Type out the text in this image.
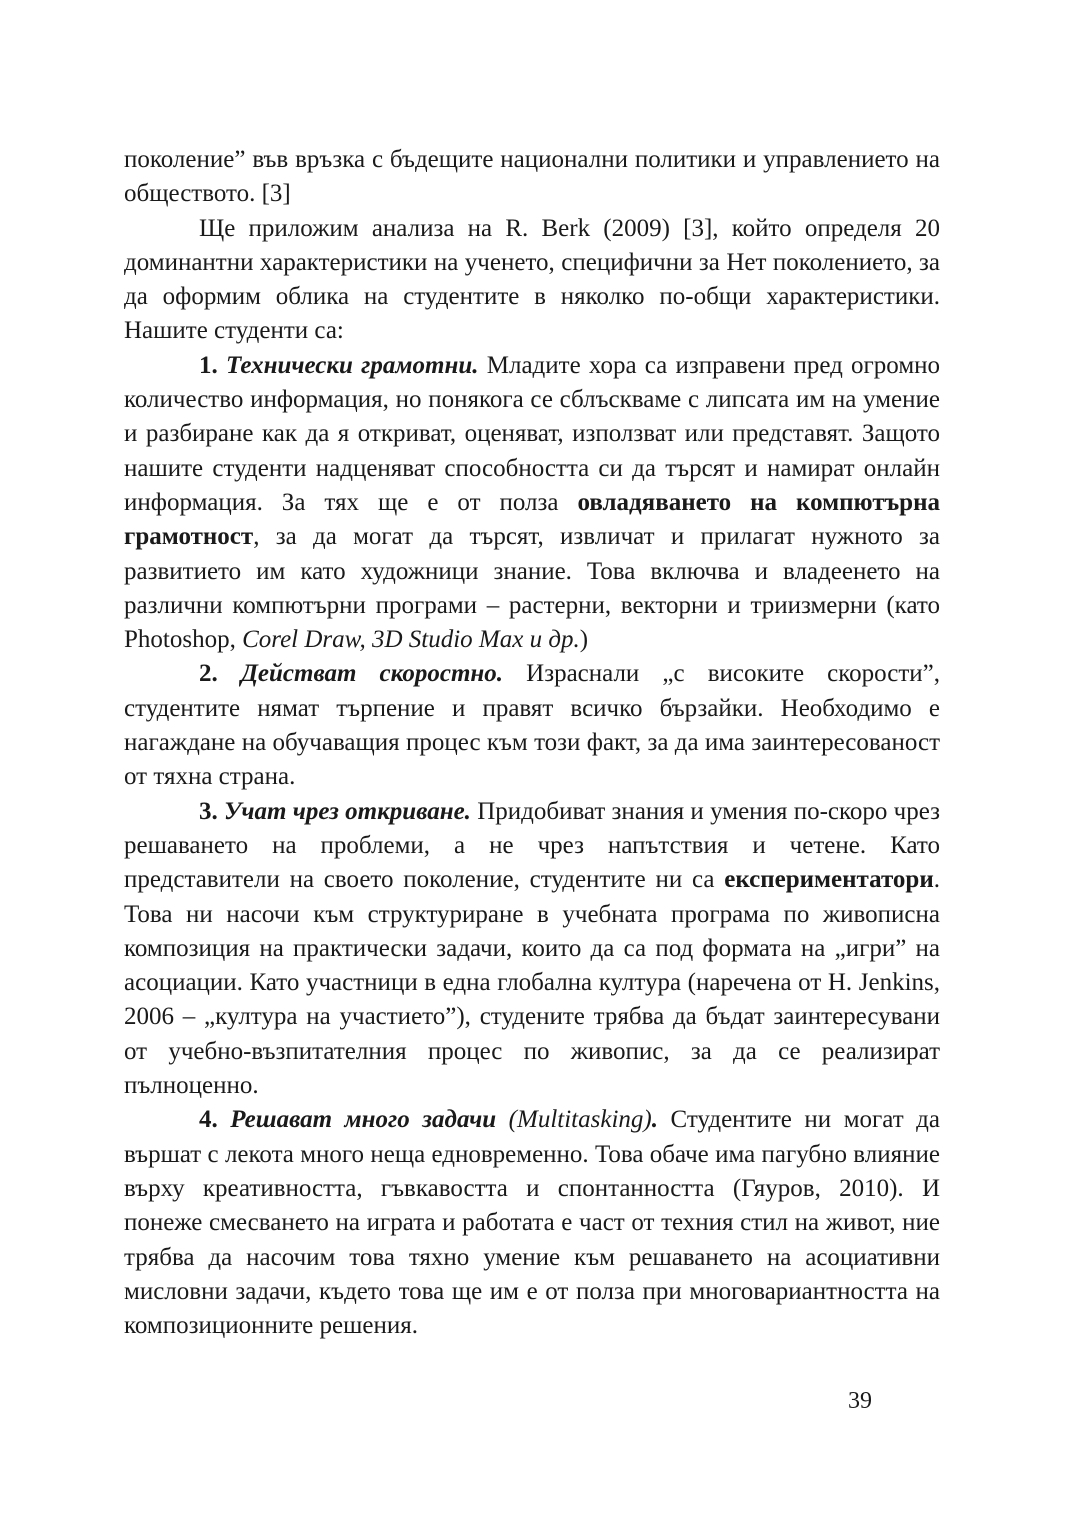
поколение” във връзка с бъдещите национални политики и управлението на обществото. [3]

Ще приложим анализа на R. Berk (2009) [3], който определя 20 доминантни характеристики на ученето, специфични за Нет поколението, за да оформим облика на студентите в няколко по-общи характеристики. Нашите студенти са:

1. Технически грамотни. Младите хора са изправени пред огромно количество информация, но понякога се сблъскваме с липсата им на умение и разбиране как да я откриват, оценяват, използват или представят. Защото нашите студенти надценяват способността си да търсят и намират онлайн информация. За тях ще е от полза овладяването на компютърна грамотност, за да могат да търсят, извличат и прилагат нужното за развитието им като художници знание. Това включва и владеенето на различни компютърни програми – растерни, векторни и триизмерни (като Photoshop, Corel Draw, 3D Studio Max и др.)

2. Действат скоростно. Израснали „с високите скорости”, студентите нямат търпение и правят всичко бързайки. Необходимо е нагаждане на обучаващия процес към този факт, за да има заинтересованост от тяхна страна.

3. Учат чрез откриване. Придобиват знания и умения по-скоро чрез решаването на проблеми, а не чрез напътствия и четене. Като представители на своето поколение, студентите ни са експериментатори. Това ни насочи към структуриране в учебната програма по живописна композиция на практически задачи, които да са под формата на „игри” на асоциации. Като участници в една глобална култура (наречена от H. Jenkins, 2006 – „култура на участието”), студените трябва да бъдат заинтересувани от учебно-възпитателния процес по живопис, за да се реализират пълноценно.

4. Решават много задачи (Multitasking). Студентите ни могат да вършат с лекота много неща едновременно. Това обаче има пагубно влияние върху креативността, гъвкавостта и спонтанността (Гяуров, 2010). И понеже смесването на играта и работата е част от техния стил на живот, ние трябва да насочим това тяхно умение към решаването на асоциативни мисловни задачи, където това ще им е от полза при многовариантността на композиционните решения.

39
